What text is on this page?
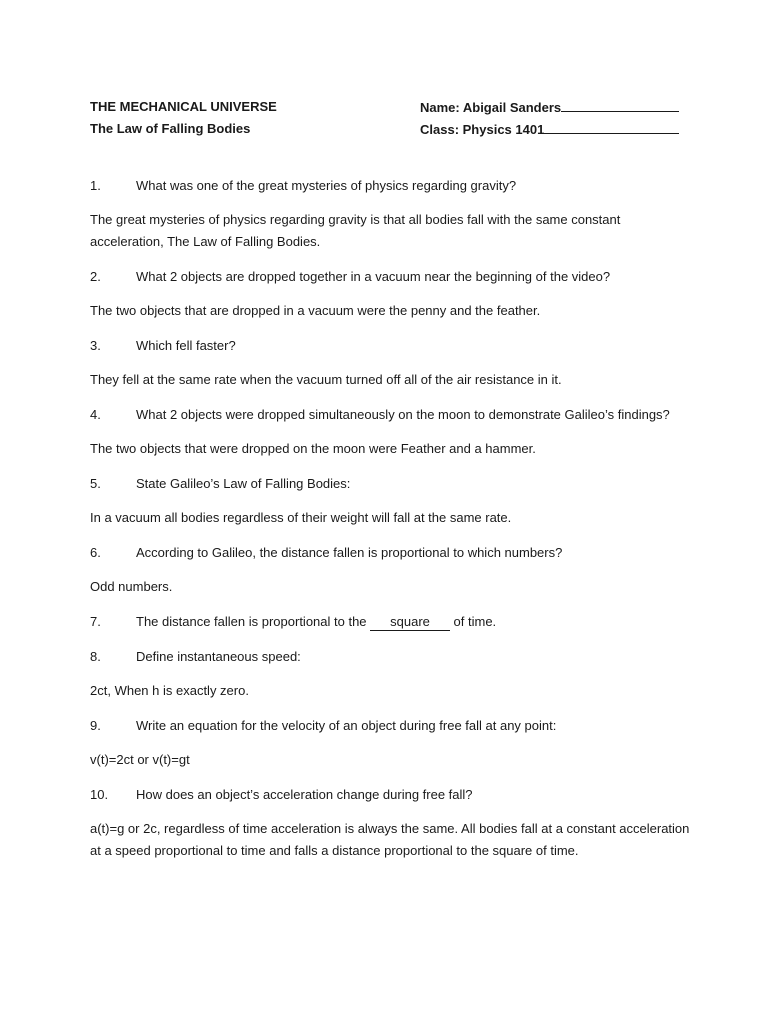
THE MECHANICAL UNIVERSE	Name: Abigail Sanders
The Law of Falling Bodies	Class: Physics 1401
1.	What was one of the great mysteries of physics regarding gravity?
The great mysteries of physics regarding gravity is that all bodies fall with the same constant acceleration, The Law of Falling Bodies.
2.	What 2 objects are dropped together in a vacuum near the beginning of the video?
The two objects that are dropped in a vacuum were the penny and the feather.
3.	Which fell faster?
They fell at the same rate when the vacuum turned off all of the air resistance in it.
4.	What 2 objects were dropped simultaneously on the moon to demonstrate Galileo’s findings?
The two objects that were dropped on the moon were Feather and a hammer.
5.	State Galileo’s Law of Falling Bodies:
In a vacuum all bodies regardless of their weight will fall at the same rate.
6.	According to Galileo, the distance fallen is proportional to which numbers?
Odd numbers.
7.	The distance fallen is proportional to the square of time.
8.	Define instantaneous speed:
2ct, When h is exactly zero.
9.	Write an equation for the velocity of an object during free fall at any point:
v(t)=2ct or v(t)=gt
10.	How does an object’s acceleration change during free fall?
a(t)=g or 2c, regardless of time acceleration is always the same. All bodies fall at a constant acceleration at a speed proportional to time and falls a distance proportional to the square of time.
